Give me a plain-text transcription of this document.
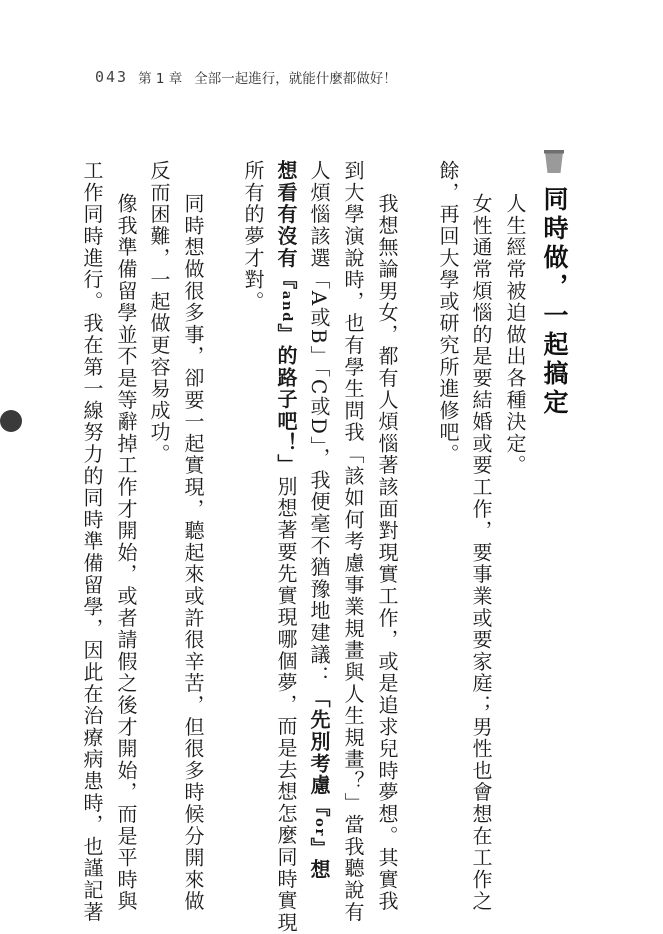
043 第 1 章 全部一起進行，就能什麼都做好！
同時做，一起搞定
人生經常被迫做出各種決定。
女性通常煩惱的是要結婚或要工作，要事業或要家庭；男性也會想在工作之
餘，再回大學或研究所進修吧。
我想無論男女，都有人煩惱著該面對現實工作，或是追求兒時夢想。其實我
到大學演說時，也有學生問我「該如何考慮事業規畫與人生規畫？」當我聽說有
人煩惱該選「A或B」「C或D」，我便毫不猶豫地建議：「先別考慮『or』想
想看有沒有『and』的路子吧！」別想著要先實現哪個夢，而是去想怎麼同時實現
所有的夢才對。
同時想做很多事，卻要一起實現，聽起來或許很辛苦，但很多時候分開來做
反而困難，一起做更容易成功。
像我準備留學並不是等辭掉工作才開始，或者請假之後才開始，而是平時與
工作同時進行。我在第一線努力的同時準備留學，因此在治療病患時，也謹記著
